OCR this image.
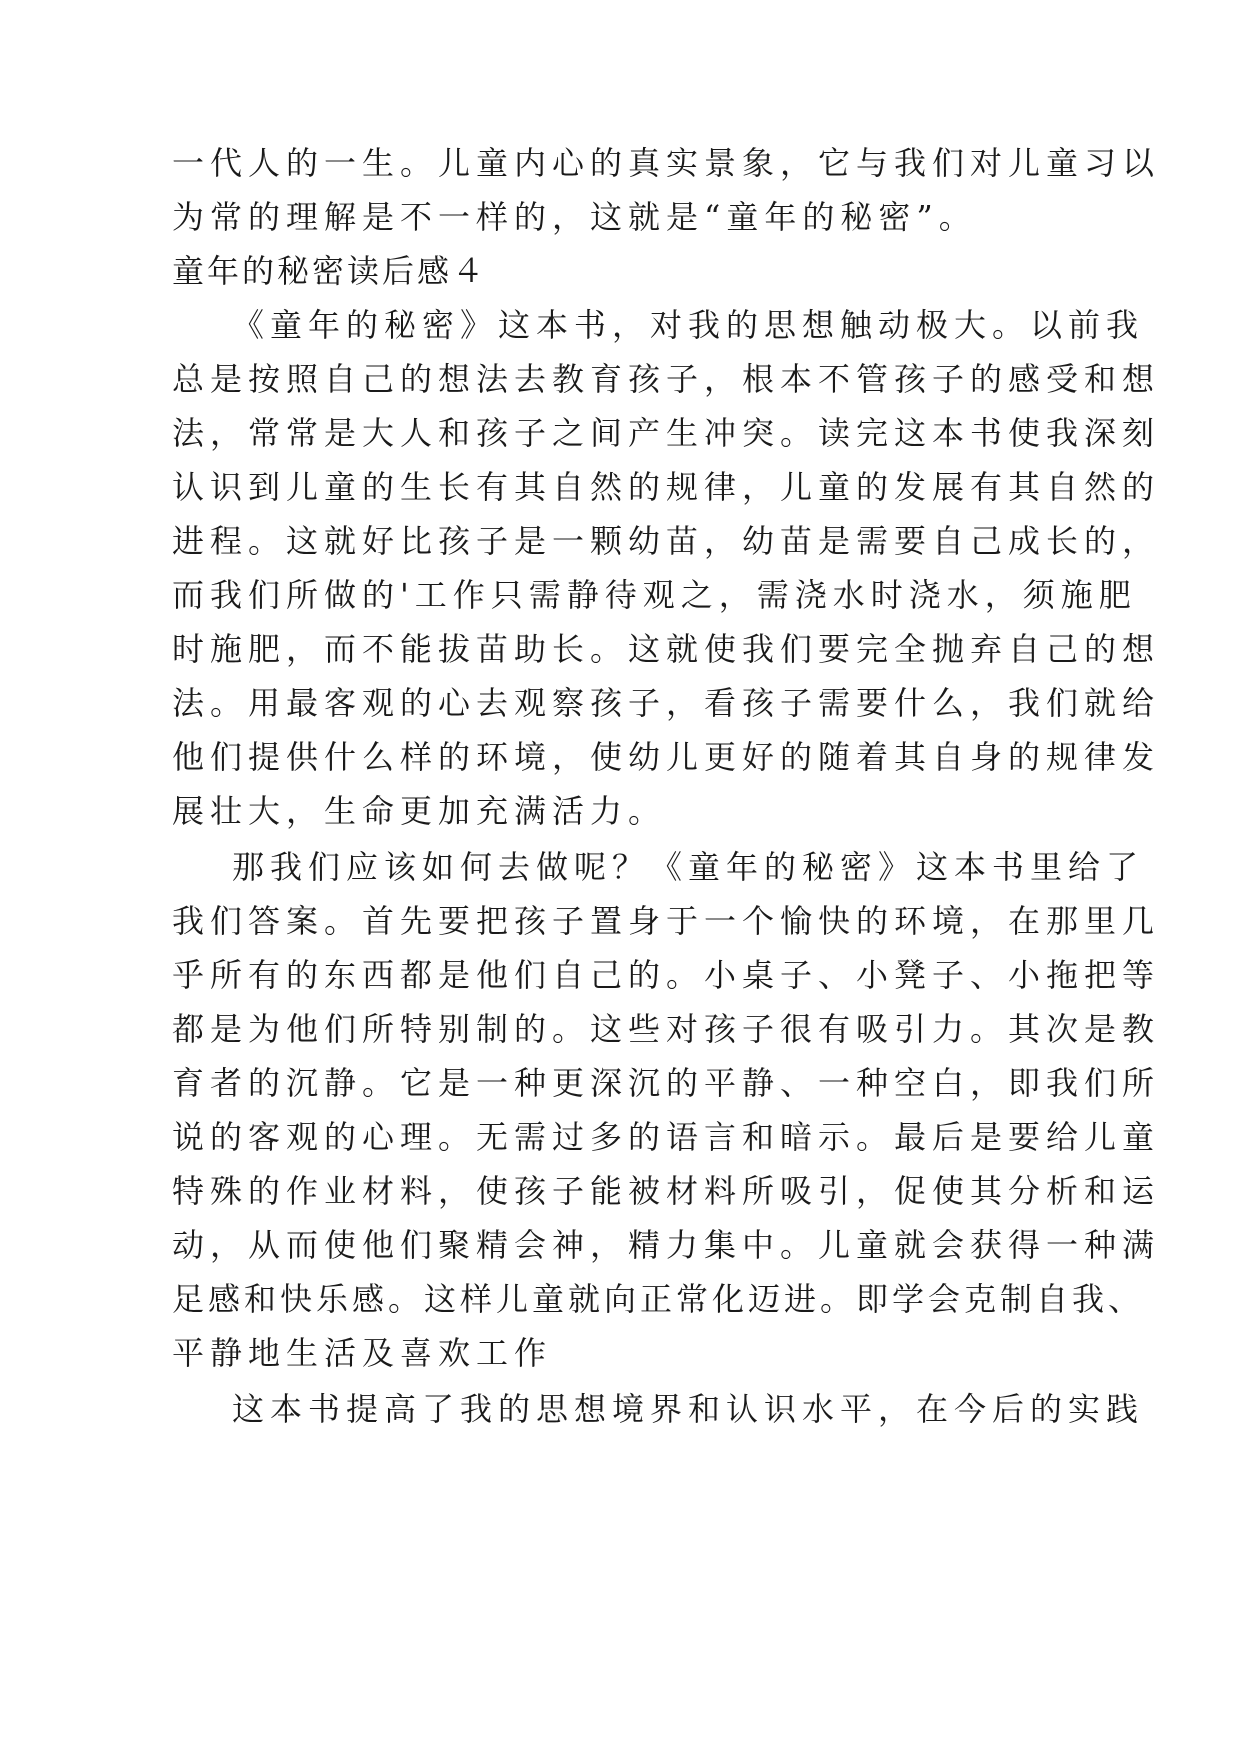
一代人的一生。儿童内心的真实景象，它与我们对儿童习以
为常的理解是不一样的，这就是“童年的秘密”。
童年的秘密读后感４
《童年的秘密》这本书，对我的思想触动极大。以前我
总是按照自己的想法去教育孩子，根本不管孩子的感受和想
法，常常是大人和孩子之间产生冲突。读完这本书使我深刻
认识到儿童的生长有其自然的规律，儿童的发展有其自然的
进程。这就好比孩子是一颗幼苗，幼苗是需要自己成长的，
而我们所做的'工作只需静待观之，需浇水时浇水，须施肥
时施肥，而不能拔苗助长。这就使我们要完全抛弃自己的想
法。用最客观的心去观察孩子，看孩子需要什么，我们就给
他们提供什么样的环境，使幼儿更好的随着其自身的规律发
展壮大，生命更加充满活力。
那我们应该如何去做呢？《童年的秘密》这本书里给了
我们答案。首先要把孩子置身于一个愉快的环境，在那里几
乎所有的东西都是他们自己的。小桌子、小凳子、小拖把等
都是为他们所特别制的。这些对孩子很有吸引力。其次是教
育者的沉静。它是一种更深沉的平静、一种空白，即我们所
说的客观的心理。无需过多的语言和暗示。最后是要给儿童
特殊的作业材料，使孩子能被材料所吸引，促使其分析和运
动，从而使他们聚精会神，精力集中。儿童就会获得一种满
足感和快乐感。这样儿童就向正常化迈进。即学会克制自我、
平静地生活及喜欢工作
这本书提高了我的思想境界和认识水平，在今后的实践
